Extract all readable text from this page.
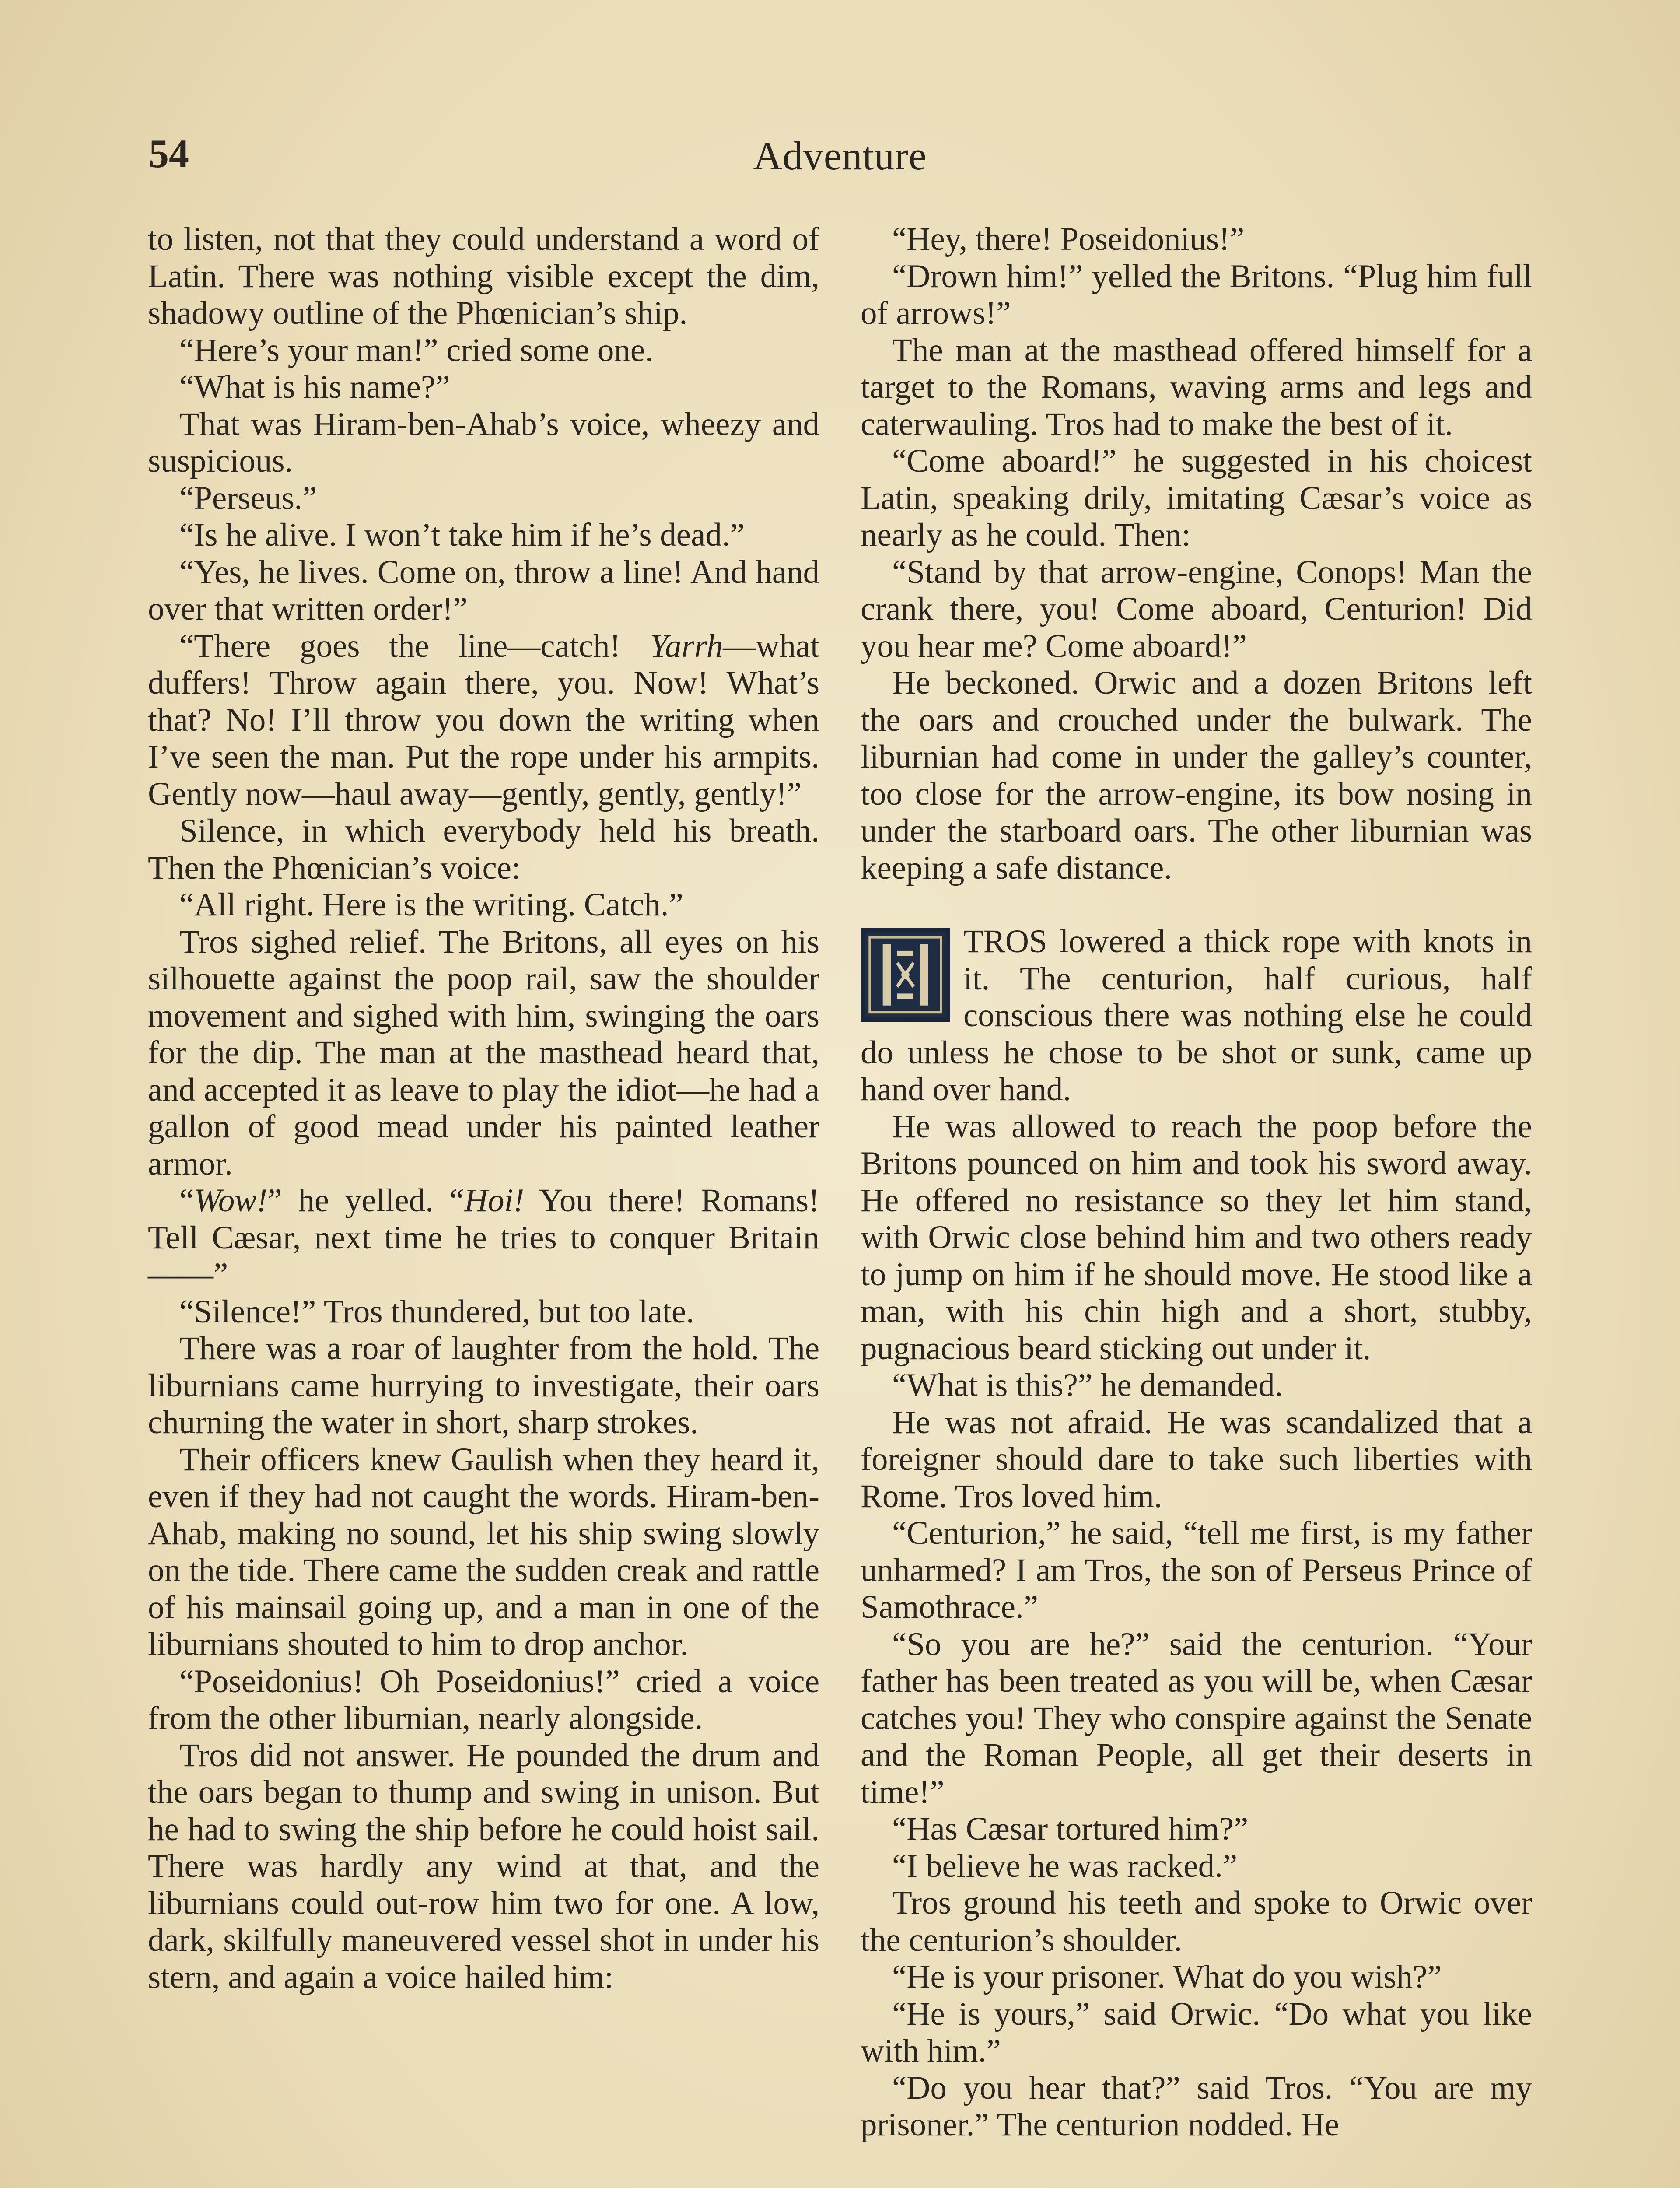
54	Adventure

to listen, not that they could understand a word of Latin. There was nothing visible except the dim, shadowy outline of the Phœnician’s ship.

“Here’s your man!” cried some one.

“What is his name?”

That was Hiram-ben-Ahab’s voice, wheezy and suspicious.

“Perseus.”

“Is he alive. I won’t take him if he’s dead.”

“Yes, he lives. Come on, throw a line! And hand over that written order!”

“There goes the line—catch! Yarrh—what duffers! Throw again there, you. Now! What’s that? No! I’ll throw you down the writing when I’ve seen the man. Put the rope under his armpits. Gently now—haul away—gently, gently, gently!”

Silence, in which everybody held his breath. Then the Phœnician’s voice:

“All right. Here is the writing. Catch.”

Tros sighed relief. The Britons, all eyes on his silhouette against the poop rail, saw the shoulder movement and sighed with him, swinging the oars for the dip. The man at the masthead heard that, and accepted it as leave to play the idiot—he had a gallon of good mead under his painted leather armor.

“Wow!” he yelled. “Hoi! You there! Romans! Tell Cæsar, next time he tries to conquer Britain——”

“Silence!” Tros thundered, but too late.

There was a roar of laughter from the hold. The liburnians came hurrying to investigate, their oars churning the water in short, sharp strokes.

Their officers knew Gaulish when they heard it, even if they had not caught the words. Hiram-ben-Ahab, making no sound, let his ship swing slowly on the tide. There came the sudden creak and rattle of his mainsail going up, and a man in one of the liburnians shouted to him to drop anchor.

“Poseidonius! Oh Poseidonius!” cried a voice from the other liburnian, nearly alongside.

Tros did not answer. He pounded the drum and the oars began to thump and swing in unison. But he had to swing the ship before he could hoist sail. There was hardly any wind at that, and the liburnians could out-row him two for one. A low, dark, skilfully maneuvered vessel shot in under his stern, and again a voice hailed him:

“Hey, there! Poseidonius!”

“Drown him!” yelled the Britons. “Plug him full of arrows!”

The man at the masthead offered himself for a target to the Romans, waving arms and legs and caterwauling. Tros had to make the best of it.

“Come aboard!” he suggested in his choicest Latin, speaking drily, imitating Cæsar’s voice as nearly as he could. Then:

“Stand by that arrow-engine, Conops! Man the crank there, you! Come aboard, Centurion! Did you hear me? Come aboard!”

He beckoned. Orwic and a dozen Britons left the oars and crouched under the bulwark. The liburnian had come in under the galley’s counter, too close for the arrow-engine, its bow nosing in under the starboard oars. The other liburnian was keeping a safe distance.

TROS lowered a thick rope with knots in it. The centurion, half curious, half conscious there was nothing else he could do unless he chose to be shot or sunk, came up hand over hand.

He was allowed to reach the poop before the Britons pounced on him and took his sword away. He offered no resistance so they let him stand, with Orwic close behind him and two others ready to jump on him if he should move. He stood like a man, with his chin high and a short, stubby, pugnacious beard sticking out under it.

“What is this?” he demanded.

He was not afraid. He was scandalized that a foreigner should dare to take such liberties with Rome. Tros loved him.

“Centurion,” he said, “tell me first, is my father unharmed? I am Tros, the son of Perseus Prince of Samothrace.”

“So you are he?” said the centurion. “Your father has been treated as you will be, when Cæsar catches you! They who conspire against the Senate and the Roman People, all get their deserts in time!”

“Has Cæsar tortured him?”

“I believe he was racked.”

Tros ground his teeth and spoke to Orwic over the centurion’s shoulder.

“He is your prisoner. What do you wish?”

“He is yours,” said Orwic. “Do what you like with him.”

“Do you hear that?” said Tros. “You are my prisoner.” The centurion nodded. He
